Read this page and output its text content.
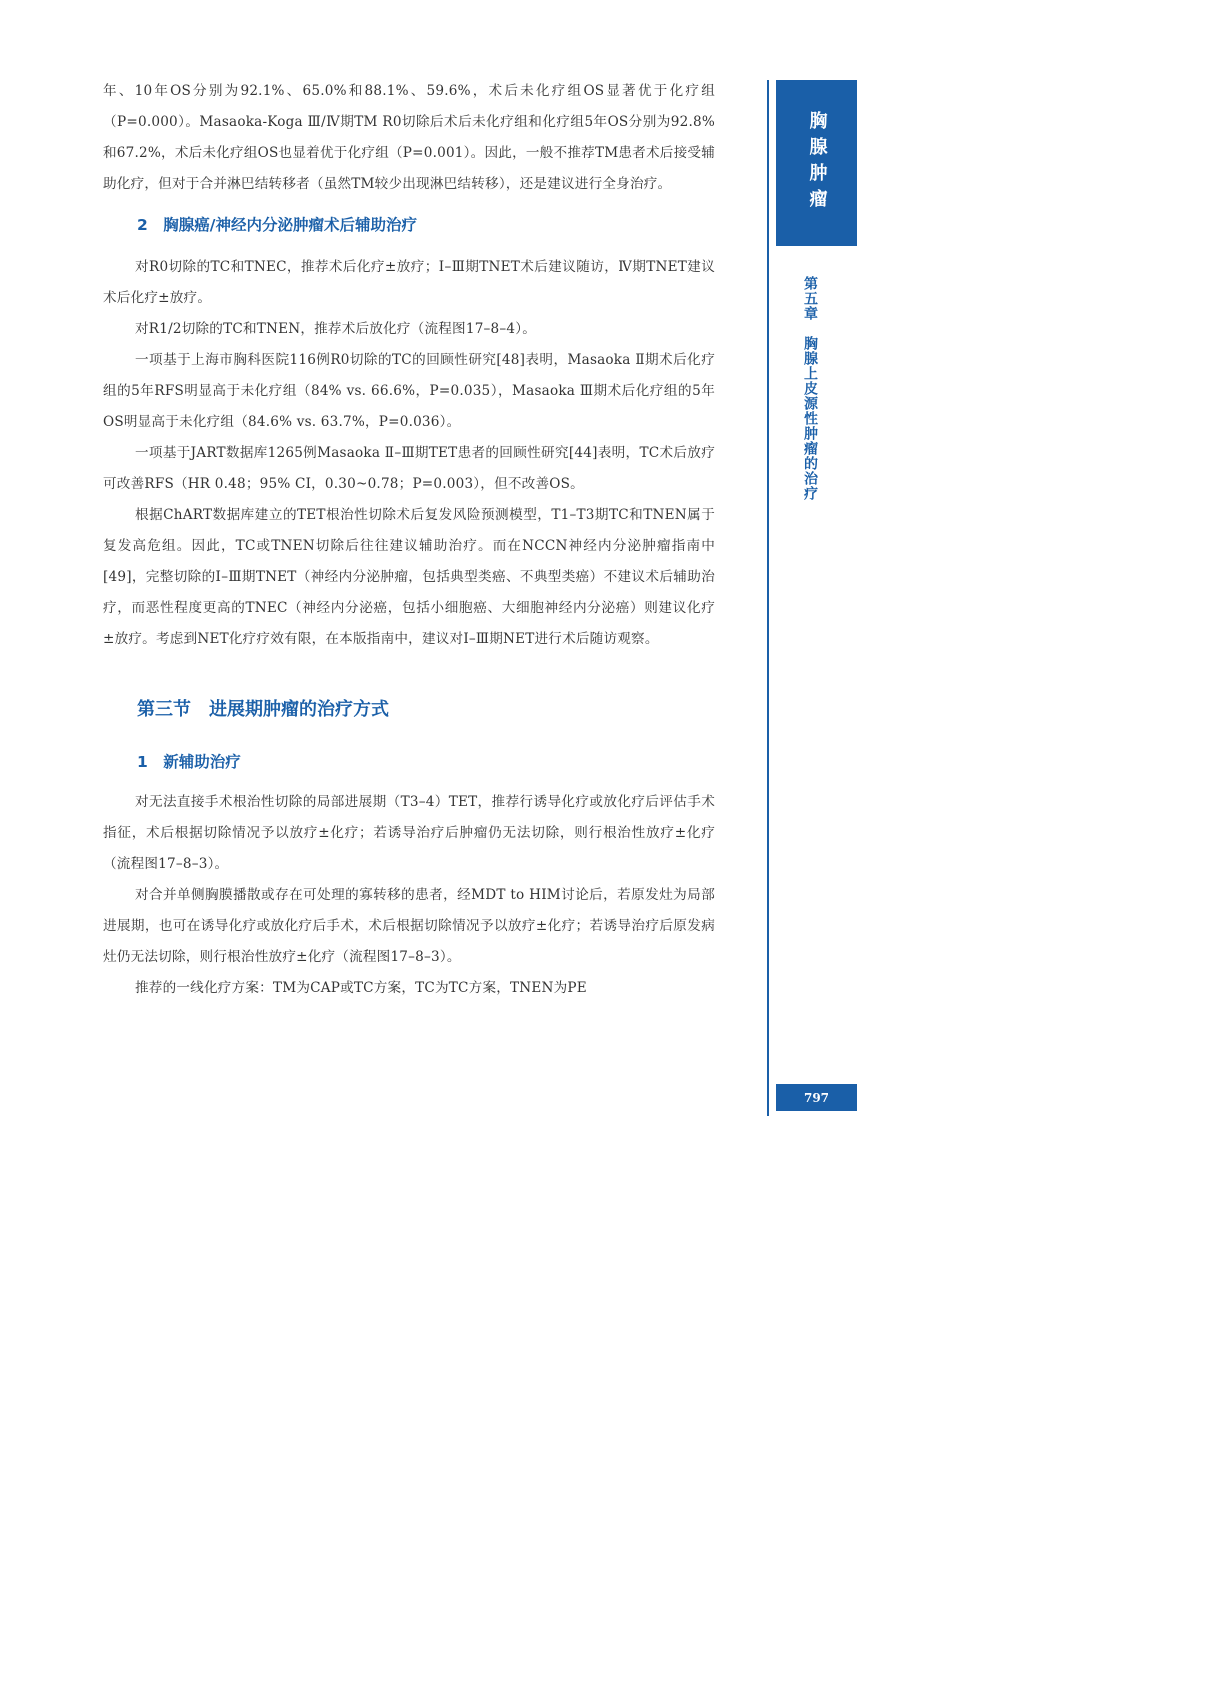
年、10年OS分别为92.1%、65.0%和88.1%、59.6%，术后未化疗组OS显著优于化疗组（P=0.000）。Masaoka-Koga Ⅲ/Ⅳ期TM R0切除后术后未化疗组和化疗组5年OS分别为92.8%和67.2%，术后未化疗组OS也显着优于化疗组（P=0.001）。因此，一般不推荐TM患者术后接受辅助化疗，但对于合并淋巴结转移者（虽然TM较少出现淋巴结转移），还是建议进行全身治疗。

2　胸腺癌/神经内分泌肿瘤术后辅助治疗

对R0切除的TC和TNEC，推荐术后化疗±放疗；Ⅰ–Ⅲ期TNET术后建议随访，Ⅳ期TNET建议术后化疗±放疗。

对R1/2切除的TC和TNEN，推荐术后放化疗（流程图17–8–4）。

一项基于上海市胸科医院116例R0切除的TC的回顾性研究[48]表明，Masaoka Ⅱ期术后化疗组的5年RFS明显高于未化疗组（84% vs. 66.6%，P=0.035），Masaoka Ⅲ期术后化疗组的5年OS明显高于未化疗组（84.6% vs. 63.7%，P=0.036）。

一项基于JART数据库1265例Masaoka Ⅱ–Ⅲ期TET患者的回顾性研究[44]表明，TC术后放疗可改善RFS（HR 0.48；95% CI，0.30~0.78；P=0.003），但不改善OS。

根据ChART数据库建立的TET根治性切除术后复发风险预测模型，T1–T3期TC和TNEN属于复发高危组。因此，TC或TNEN切除后往往建议辅助治疗。而在NCCN神经内分泌肿瘤指南中[49]，完整切除的Ⅰ–Ⅲ期TNET（神经内分泌肿瘤，包括典型类癌、不典型类癌）不建议术后辅助治疗，而恶性程度更高的TNEC（神经内分泌癌，包括小细胞癌、大细胞神经内分泌癌）则建议化疗±放疗。考虑到NET化疗疗效有限，在本版指南中，建议对Ⅰ–Ⅲ期NET进行术后随访观察。

第三节　进展期肿瘤的治疗方式
1　新辅助治疗

对无法直接手术根治性切除的局部进展期（T3–4）TET，推荐行诱导化疗或放化疗后评估手术指征，术后根据切除情况予以放疗±化疗；若诱导治疗后肿瘤仍无法切除，则行根治性放疗±化疗（流程图17–8–3）。

对合并单侧胸膜播散或存在可处理的寡转移的患者，经MDT to HIM讨论后，若原发灶为局部进展期，也可在诱导化疗或放化疗后手术，术后根据切除情况予以放疗±化疗；若诱导治疗后原发病灶仍无法切除，则行根治性放疗±化疗（流程图17–8–3）。

推荐的一线化疗方案：TM为CAP或TC方案，TC为TC方案，TNEN为PE

胸腺肿瘤
第五章　胸腺上皮源性肿瘤的治疗
797
